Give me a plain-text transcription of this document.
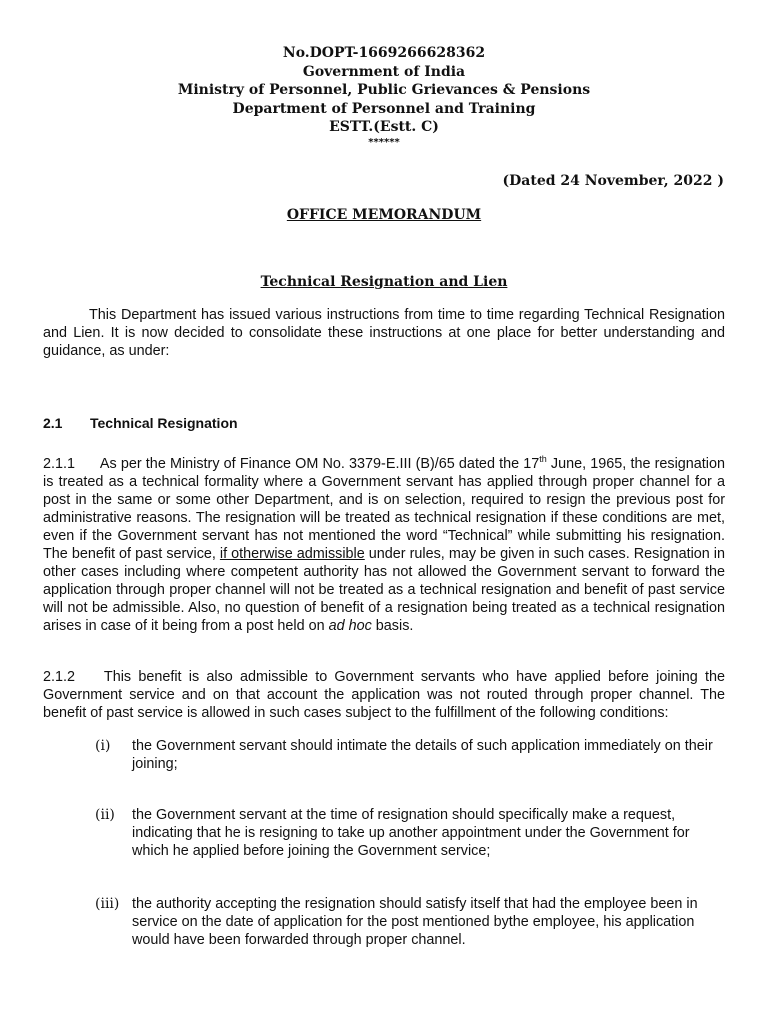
No.DOPT-1669266628362
Government of India
Ministry of Personnel, Public Grievances & Pensions
Department of Personnel and Training
ESTT.(Estt. C)
******
(Dated 24 November, 2022 )
OFFICE MEMORANDUM
Technical Resignation and Lien
This Department has issued various instructions from time to time regarding Technical Resignation and Lien. It is now decided to consolidate these instructions at one place for better understanding and guidance, as under:
2.1 Technical Resignation
2.1.1 As per the Ministry of Finance OM No. 3379-E.III (B)/65 dated the 17th June, 1965, the resignation is treated as a technical formality where a Government servant has applied through proper channel for a post in the same or some other Department, and is on selection, required to resign the previous post for administrative reasons. The resignation will be treated as technical resignation if these conditions are met, even if the Government servant has not mentioned the word “Technical” while submitting his resignation. The benefit of past service, if otherwise admissible under rules, may be given in such cases. Resignation in other cases including where competent authority has not allowed the Government servant to forward the application through proper channel will not be treated as a technical resignation and benefit of past service will not be admissible. Also, no question of benefit of a resignation being treated as a technical resignation arises in case of it being from a post held on ad hoc basis.
2.1.2 This benefit is also admissible to Government servants who have applied before joining the Government service and on that account the application was not routed through proper channel. The benefit of past service is allowed in such cases subject to the fulfillment of the following conditions:
(i)	the Government servant should intimate the details of such application immediately on their joining;
(ii)	the Government servant at the time of resignation should specifically make a request, indicating that he is resigning to take up another appointment under the Government for which he applied before joining the Government service;
(iii) the authority accepting the resignation should satisfy itself that had the employee been in service on the date of application for the post mentioned bythe employee, his application would have been forwarded through proper channel.
